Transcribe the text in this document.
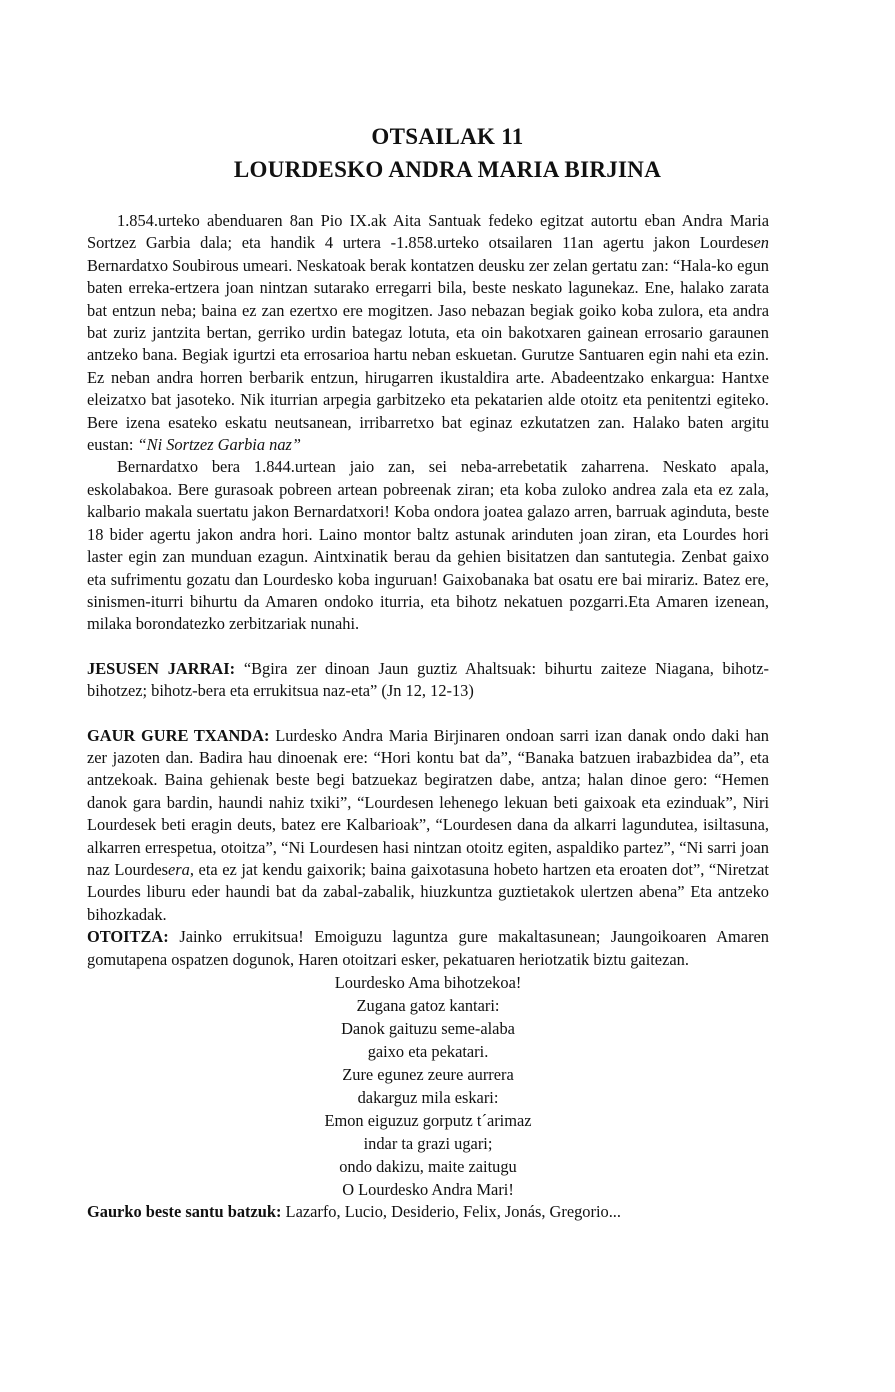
OTSAILAK 11
LOURDESKO ANDRA MARIA BIRJINA

1.854.urteko abenduaren 8an Pio IX.ak Aita Santuak fedeko egitzat autortu eban Andra Maria Sortzez Garbia dala; eta handik 4 urtera -1.858.urteko otsailaren 11an agertu jakon Lourdesen Bernardatxo Soubirous umeari. Neskatoak berak kontatzen deusku zer zelan gertatu zan: “Hala-ko egun baten erreka-ertzera joan nintzan sutarako erregarri bila, beste neskato lagunekaz. Ene, halako zarata bat entzun neba; baina ez zan ezertxo ere mogitzen. Jaso nebazan begiak goiko koba zulora, eta andra bat zuriz jantzita bertan, gerriko urdin bategaz lotuta, eta oin bakotxaren gainean errosario garaunen antzeko bana. Begiak igurtzi eta errosarioa hartu neban eskuetan. Gurutze Santuaren egin nahi eta ezin. Ez neban andra horren berbarik entzun, hirugarren ikustaldira arte. Abadeentzako enkargua: Hantxe eleizatxo bat jasoteko. Nik iturrian arpegia garbitzeko eta pekatarien alde otoitz eta penitentzi egiteko. Bere izena esateko eskatu neutsanean, irribarretxo bat eginaz ezkutatzen zan. Halako baten argitu eustan: “Ni Sortzez Garbia naz”

Bernardatxo bera 1.844.urtean jaio zan, sei neba-arrebetatik zaharrena. Neskato apala, eskolabakoa. Bere gurasoak pobreen artean pobreenak ziran; eta koba zuloko andrea zala eta ez zala, kalbario makala suertatu jakon Bernardatxori! Koba ondora joatea galazo arren, barruak aginduta, beste 18 bider agertu jakon andra hori. Laino montor baltz astunak arinduten joan ziran, eta Lourdes hori laster egin zan munduan ezagun. Aintxinatik berau da gehien bisitatzen dan santutegia. Zenbat gaixo eta sufrimentu gozatu dan Lourdesko koba inguruan! Gaixobanaka bat osatu ere bai mirariz. Batez ere, sinismen-iturri bihurtu da Amaren ondoko iturria, eta bihotz nekatuen pozgarri.Eta Amaren izenean, milaka borondatezko zerbitzariak nunahi.

JESUSEN JARRAI: “Bgira zer dinoan Jaun guztiz Ahaltsuak: bihurtu zaiteze Niagana, bihotz-bihotzez; bihotz-bera eta errukitsua naz-eta” (Jn 12, 12-13)

GAUR GURE TXANDA: Lurdesko Andra Maria Birjinaren ondoan sarri izan danak ondo daki han zer jazoten dan. Badira hau dinoenak ere: “Hori kontu bat da”, “Banaka batzuen irabazbidea da”, eta antzekoak. Baina gehienak beste begi batzuekaz begiratzen dabe, antza; halan dinoe gero: “Hemen danok gara bardin, haundi nahiz txiki”, “Lourdesen lehenego lekuan beti gaixoak eta ezinduak”, Niri Lourdesek beti eragin deuts, batez ere Kalbarioak”, “Lourdesen dana da alkarri lagundutea, isiltasuna, alkarren errespetua, otoitza”, “Ni Lourdesen hasi nintzan otoitz egiten, aspaldiko partez”, “Ni sarri joan naz Lourdesera, eta ez jat kendu gaixorik; baina gaixotasuna hobeto hartzen eta eroaten dot”, “Niretzat Lourdes liburu eder haundi bat da zabal-zabalik, hiuzkuntza guztietakok ulertzen abena” Eta antzeko bihozkadak.

OTOITZA: Jainko errukitsua! Emoiguzu laguntza gure makaltasunean; Jaungoikoaren Amaren gomutapena ospatzen dogunok, Haren otoitzari esker, pekatuaren heriotzatik biztu gaitezan.

Lourdesko Ama bihotzekoa!
Zugana gatoz kantari:
Danok gaituzu seme-alaba
gaixo eta pekatari.
Zure egunez zeure aurrera
dakarguz mila eskari:
Emon eiguzuz gorputz t´arimaz
indar ta grazi ugari;
ondo dakizu, maite zaitugu
O Lourdesko Andra Mari!

Gaurko beste santu batzuk: Lazarfo, Lucio, Desiderio, Felix, Jonás, Gregorio...
